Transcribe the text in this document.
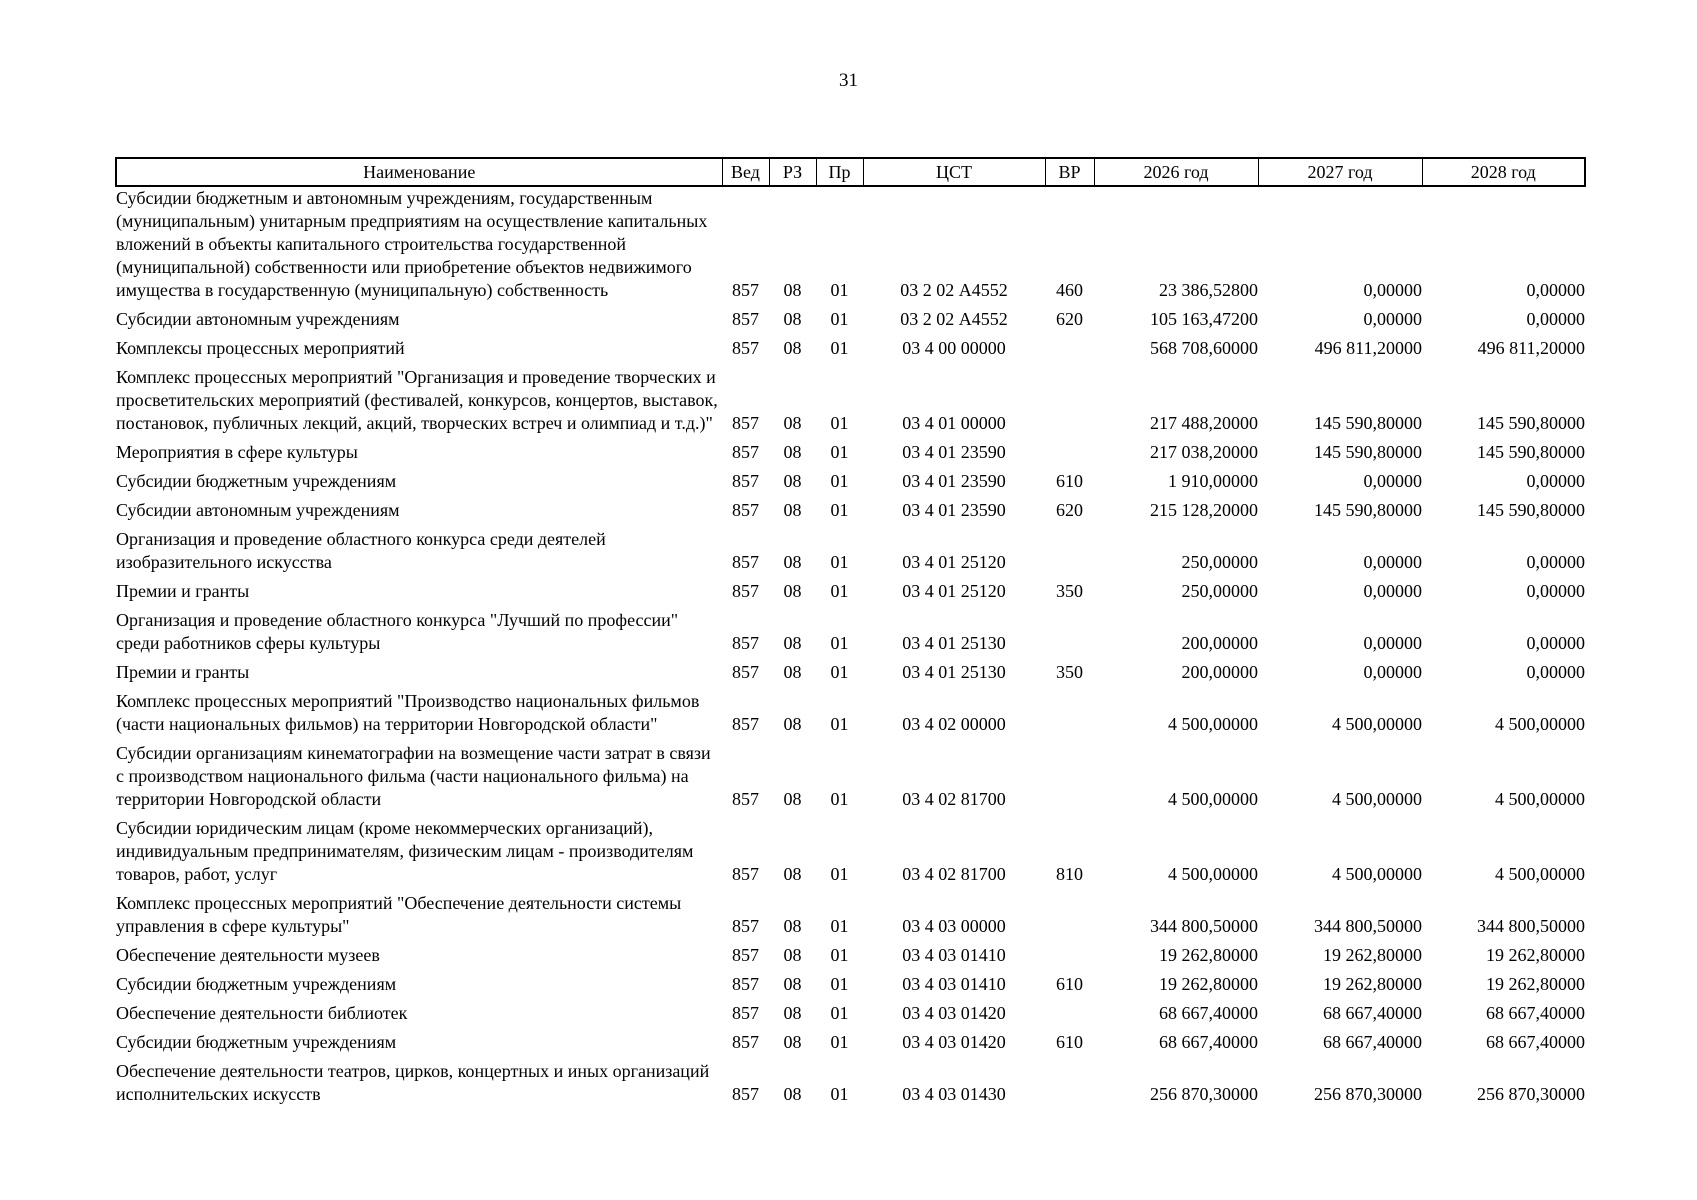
31
Наименование	Вед	РЗ	Пр	ЦСТ	ВР	2026 год	2027 год	2028 год
Субсидии бюджетным и автономным учреждениям, государственным (муниципальным) унитарным предприятиям на осуществление капитальных вложений в объекты капитального строительства государственной (муниципальной) собственности или приобретение объектов недвижимого имущества в государственную (муниципальную) собственность	857	08	01	03 2 02 А4552	460	23 386,52800	0,00000	0,00000
Субсидии автономным учреждениям	857	08	01	03 2 02 А4552	620	105 163,47200	0,00000	0,00000
Комплексы процессных мероприятий	857	08	01	03 4 00 00000		568 708,60000	496 811,20000	496 811,20000
Комплекс процессных мероприятий "Организация и проведение творческих и просветительских мероприятий (фестивалей, конкурсов, концертов, выставок, постановок, публичных лекций, акций, творческих встреч и олимпиад и т.д.)"	857	08	01	03 4 01 00000		217 488,20000	145 590,80000	145 590,80000
Мероприятия в сфере культуры	857	08	01	03 4 01 23590		217 038,20000	145 590,80000	145 590,80000
Субсидии бюджетным учреждениям	857	08	01	03 4 01 23590	610	1 910,00000	0,00000	0,00000
Субсидии автономным учреждениям	857	08	01	03 4 01 23590	620	215 128,20000	145 590,80000	145 590,80000
Организация и проведение областного конкурса среди деятелей изобразительного искусства	857	08	01	03 4 01 25120		250,00000	0,00000	0,00000
Премии и гранты	857	08	01	03 4 01 25120	350	250,00000	0,00000	0,00000
Организация и проведение областного конкурса "Лучший по профессии" среди работников сферы культуры	857	08	01	03 4 01 25130		200,00000	0,00000	0,00000
Премии и гранты	857	08	01	03 4 01 25130	350	200,00000	0,00000	0,00000
Комплекс процессных мероприятий "Производство национальных фильмов (части национальных фильмов) на территории Новгородской области"	857	08	01	03 4 02 00000		4 500,00000	4 500,00000	4 500,00000
Субсидии организациям кинематографии на возмещение части затрат в связи с производством национального фильма (части национального фильма) на территории Новгородской области	857	08	01	03 4 02 81700		4 500,00000	4 500,00000	4 500,00000
Субсидии юридическим лицам (кроме некоммерческих организаций), индивидуальным предпринимателям, физическим лицам - производителям товаров, работ, услуг	857	08	01	03 4 02 81700	810	4 500,00000	4 500,00000	4 500,00000
Комплекс процессных мероприятий "Обеспечение деятельности системы управления в сфере культуры"	857	08	01	03 4 03 00000		344 800,50000	344 800,50000	344 800,50000
Обеспечение деятельности музеев	857	08	01	03 4 03 01410		19 262,80000	19 262,80000	19 262,80000
Субсидии бюджетным учреждениям	857	08	01	03 4 03 01410	610	19 262,80000	19 262,80000	19 262,80000
Обеспечение деятельности библиотек	857	08	01	03 4 03 01420		68 667,40000	68 667,40000	68 667,40000
Субсидии бюджетным учреждениям	857	08	01	03 4 03 01420	610	68 667,40000	68 667,40000	68 667,40000
Обеспечение деятельности театров, цирков, концертных и иных организаций исполнительских искусств	857	08	01	03 4 03 01430		256 870,30000	256 870,30000	256 870,30000
